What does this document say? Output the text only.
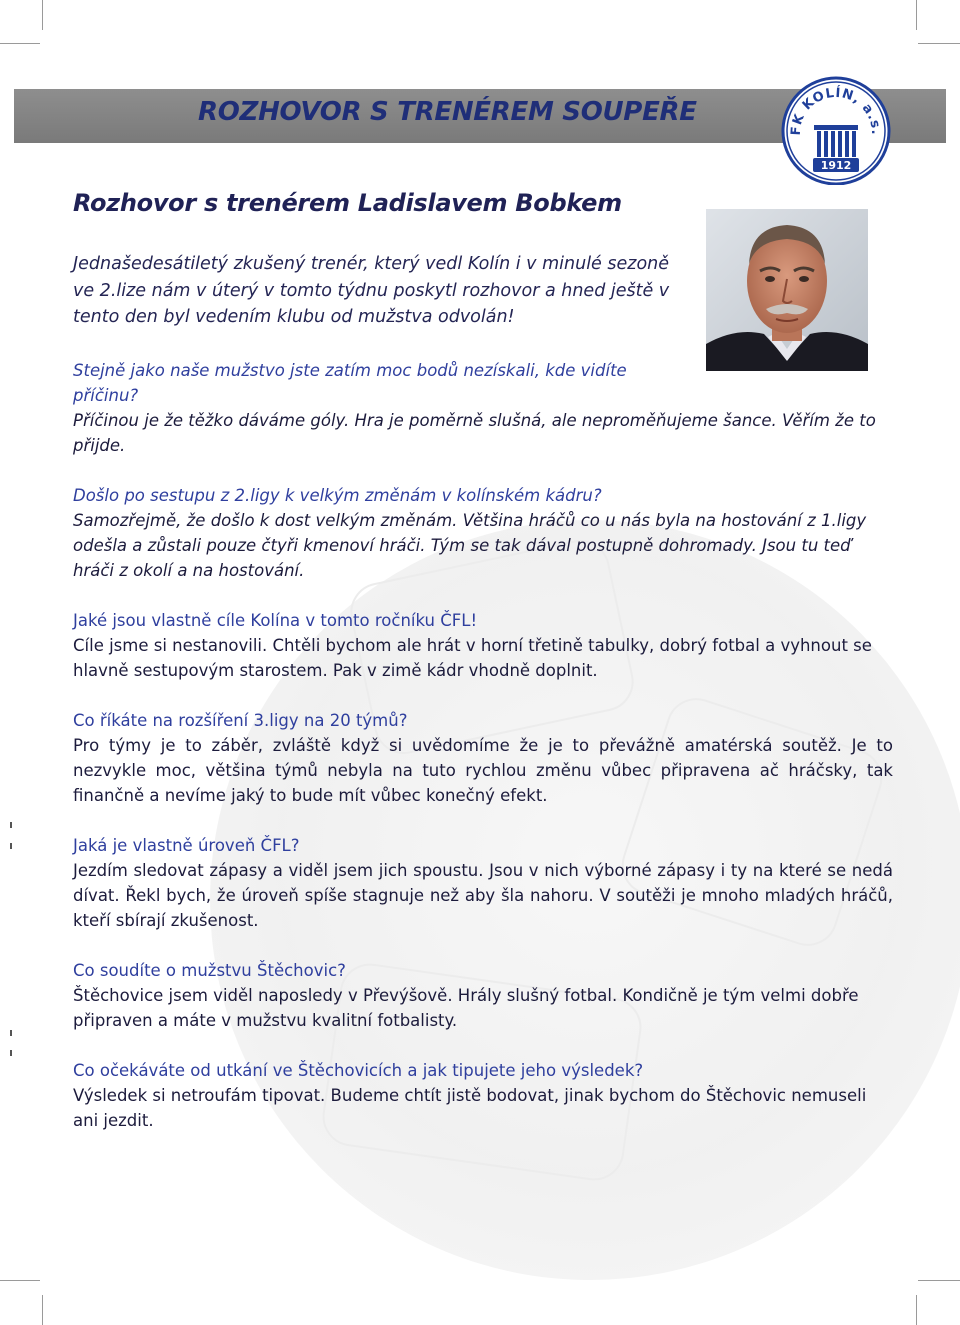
ROZHOVOR S TRENÉREM SOUPEŘE
FK KOLÍN, a.s.
1912
Rozhovor s trenérem Ladislavem Bobkem
Jednašedesátiletý zkušený trenér, který vedl Kolín i v minulé sezoně ve 2.lize nám v úterý v tomto týdnu poskytl rozhovor a hned ještě v tento den byl vedením klubu od mužstva odvolán!
Stejně jako naše mužstvo jste zatím moc bodů nezískali, kde vidíte příčinu?
Příčinou je že těžko dáváme góly. Hra je poměrně slušná, ale neproměňujeme šance. Věřím že to přijde.
Došlo po sestupu z 2.ligy k velkým změnám v kolínském kádru?
Samozřejmě, že došlo k dost velkým změnám. Většina hráčů co u nás byla na hostování z 1.ligy odešla a zůstali pouze čtyři kmenoví hráči. Tým se tak dával postupně dohromady. Jsou tu teď hráči z okolí a na hostování.
Jaké jsou vlastně cíle Kolína v tomto ročníku ČFL!
Cíle jsme si nestanovili. Chtěli bychom ale hrát v horní třetině tabulky, dobrý fotbal a vyhnout se hlavně sestupovým starostem. Pak v zimě kádr vhodně doplnit.
Co říkáte na rozšíření 3.ligy na 20 týmů?
Pro týmy je to záběr, zvláště když si uvědomíme že je to převážně amatérská soutěž. Je to nezvykle moc, většina týmů nebyla na tuto rychlou změnu vůbec připravena ač hráčsky, tak finančně a nevíme jaký to bude mít vůbec konečný efekt.
Jaká je vlastně úroveň ČFL?
Jezdím sledovat zápasy a viděl jsem jich spoustu. Jsou v nich výborné zápasy i ty na které se nedá dívat. Řekl bych, že úroveň spíše stagnuje než aby šla nahoru. V soutěži je mnoho mladých hráčů, kteří sbírají zkušenost.
Co soudíte o mužstvu Štěchovic?
Štěchovice jsem viděl naposledy v Převýšově. Hrály slušný fotbal. Kondičně je tým velmi dobře připraven a máte v mužstvu kvalitní fotbalisty.
Co očekáváte od utkání ve Štěchovicích a jak tipujete jeho výsledek?
Výsledek si netroufám tipovat. Budeme chtít jistě bodovat, jinak bychom do Štěchovic nemuseli ani jezdit.
